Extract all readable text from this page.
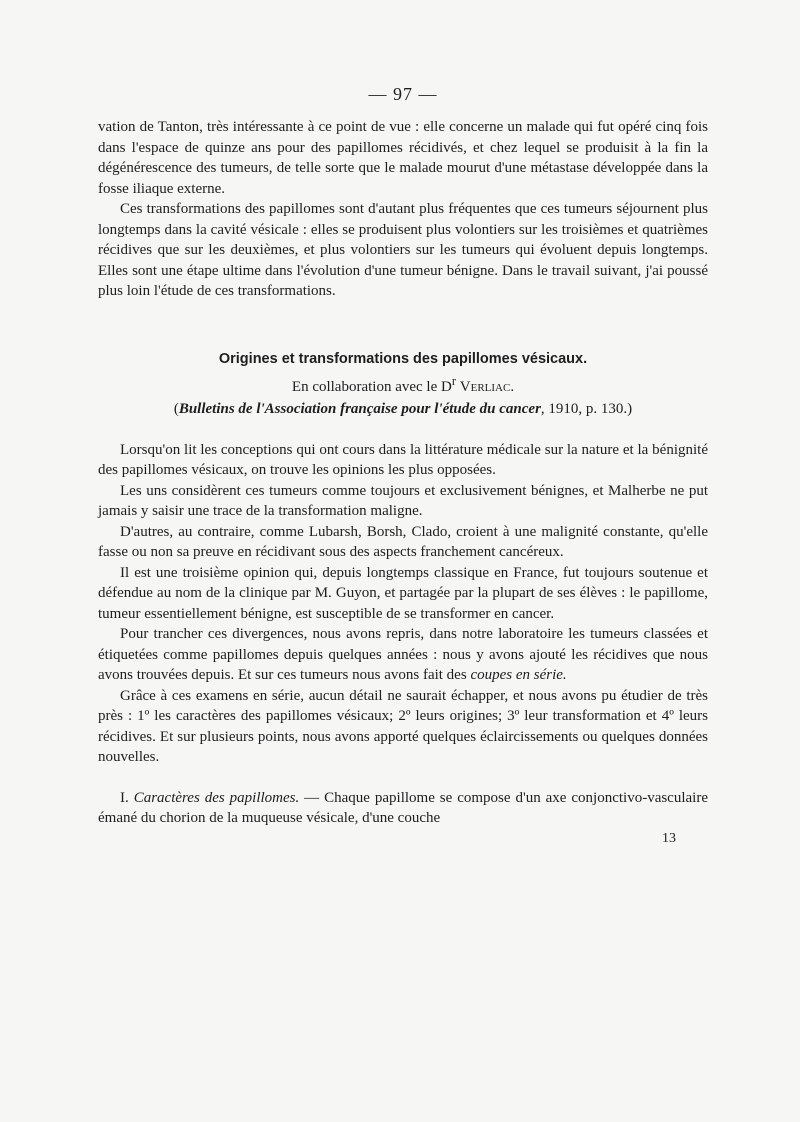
— 97 —

vation de Tanton, très intéressante à ce point de vue : elle concerne un malade qui fut opéré cinq fois dans l'espace de quinze ans pour des papillomes récidivés, et chez lequel se produisit à la fin la dégénérescence des tumeurs, de telle sorte que le malade mourut d'une métastase développée dans la fosse iliaque externe.

Ces transformations des papillomes sont d'autant plus fréquentes que ces tumeurs séjournent plus longtemps dans la cavité vésicale : elles se produisent plus volontiers sur les troisièmes et quatrièmes récidives que sur les deuxièmes, et plus volontiers sur les tumeurs qui évoluent depuis longtemps. Elles sont une étape ultime dans l'évolution d'une tumeur bénigne. Dans le travail suivant, j'ai poussé plus loin l'étude de ces transformations.

Origines et transformations des papillomes vésicaux.
En collaboration avec le $D^r$ Verliac.
(Bulletins de l'Association française pour l'étude du cancer, 1910, p. 130.)

Lorsqu'on lit les conceptions qui ont cours dans la littérature médicale sur la nature et la bénignité des papillomes vésicaux, on trouve les opinions les plus opposées.

Les uns considèrent ces tumeurs comme toujours et exclusivement bénignes, et Malherbe ne put jamais y saisir une trace de la transformation maligne.

D'autres, au contraire, comme Lubarsh, Borsh, Clado, croient à une malignité constante, qu'elle fasse ou non sa preuve en récidivant sous des aspects franchement cancéreux.

Il est une troisième opinion qui, depuis longtemps classique en France, fut toujours soutenue et défendue au nom de la clinique par M. Guyon, et partagée par la plupart de ses élèves : le papillome, tumeur essentiellement bénigne, est susceptible de se transformer en cancer.

Pour trancher ces divergences, nous avons repris, dans notre laboratoire les tumeurs classées et étiquetées comme papillomes depuis quelques années : nous y avons ajouté les récidives que nous avons trouvées depuis. Et sur ces tumeurs nous avons fait des coupes en série.

Grâce à ces examens en série, aucun détail ne saurait échapper, et nous avons pu étudier de très près : 1º les caractères des papillomes vésicaux; 2º leurs origines; 3º leur transformation et 4º leurs récidives. Et sur plusieurs points, nous avons apporté quelques éclaircissements ou quelques données nouvelles.

I. Caractères des papillomes. — Chaque papillome se compose d'un axe conjonctivo-vasculaire émané du chorion de la muqueuse vésicale, d'une couche

13
